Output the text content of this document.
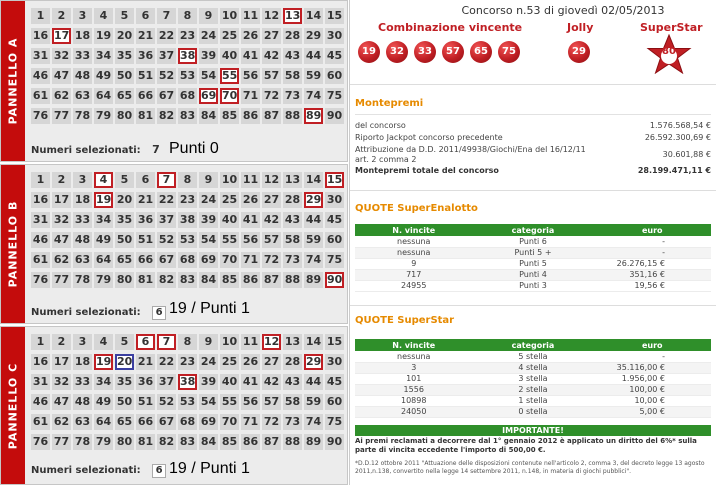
PANNELLO A
1	2	3	4	5	6	7	8	9 10 11 12 13 14 15
16 17 18 19 20 21 22 23 24 25 26 27 28 29 30
31 32 33 34 35 36 37 38 39 40 41 42 43 44 45
46 47 48 49 50 51 52 53 54 55 56 57 58 59 60
61 62 63 64 65 66 67 68 69 70 71 72 73 74 75
76 77 78 79 80 81 82 83 84 85 86 87 88 89 90
Numeri selezionati: 7 Punti 0
PANNELLO B
1	2	3	4	5	6	7	8	9 10 11 12 13 14 15
16 17 18 19 20 21 22 23 24 25 26 27 28 29 30
31 32 33 34 35 36 37 38 39 40 41 42 43 44 45
46 47 48 49 50 51 52 53 54 55 56 57 58 59 60
61 62 63 64 65 66 67 68 69 70 71 72 73 74 75
76 77 78 79 80 81 82 83 84 85 86 87 88 89 90
Numeri selezionati: 6 19 / Punti 1
PANNELLO C
1	2	3	4	5	6	7	8	9 10 11 12 13 14 15
16 17 18 19 20 21 22 23 24 25 26 27 28 29 30
31 32 33 34 35 36 37 38 39 40 41 42 43 44 45
46 47 48 49 50 51 52 53 54 55 56 57 58 59 60
61 62 63 64 65 66 67 68 69 70 71 72 73 74 75
76 77 78 79 80 81 82 83 84 85 86 87 88 89 90
Numeri selezionati: 6 19 / Punti 1
Concorso n.53 di giovedì 02/05/2013
Combinazione vincente	Jolly	SuperStar
19	32	33	57	65	75	29	80
Montepremi
del concorso	1.576.568,54 €
Riporto Jackpot concorso precedente	26.592.300,69 €
Attribuzione da D.D. 2011/49938/Giochi/Ena del 16/12/11 art. 2 comma 2
30.601,88 €
Montepremi totale del concorso	28.199.471,11 €
QUOTE SuperEnalotto
N. vincite	categoria	euro
nessuna	Punti 6	-
nessuna	Punti 5 +	-
9	Punti 5	26.276,15 €
717	Punti 4	351,16 €
24955	Punti 3	19,56 €
QUOTE SuperStar
N. vincite	categoria	euro
nessuna	5 stella	-
3	4 stella	35.116,00 €
101	3 stella	1.956,00 €
1556	2 stella	100,00 €
10898	1 stella	10,00 €
24050	0 stella	5,00 €
IMPORTANTE!
Ai premi reclamati a decorrere dal 1° gennaio 2012 è applicato un diritto del 6%* sulla parte di vincita eccedente l'importo di 500,00 €.
*D.D.12 ottobre 2011 "Attuazione delle disposizioni contenute nell'articolo 2, comma 3, del decreto legge 13 agosto 2011,n.138, convertito nella legge 14 settembre 2011, n.148, in materia di giochi pubblici".
